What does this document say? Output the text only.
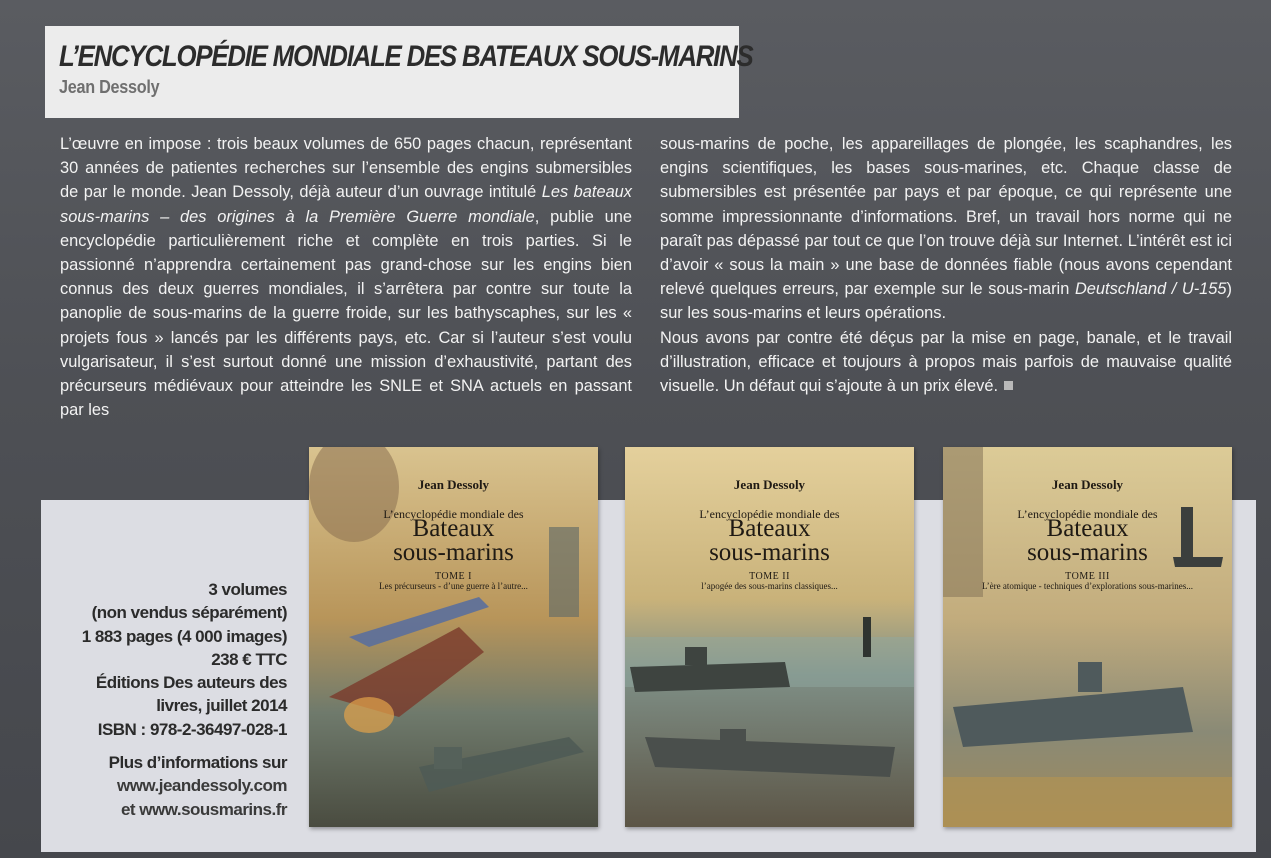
L’ENCYCLOPÉDIE MONDIALE DES BATEAUX SOUS-MARINS
Jean Dessoly

L’œuvre en impose : trois beaux volumes de 650 pages chacun, représentant 30 années de patientes recherches sur l’ensemble des engins submersibles de par le monde. Jean Dessoly, déjà auteur d’un ouvrage intitulé Les bateaux sous-marins – des origines à la Première Guerre mondiale, publie une encyclopédie particulièrement riche et complète en trois parties. Si le passionné n’apprendra certainement pas grand-chose sur les engins bien connus des deux guerres mondiales, il s’arrêtera par contre sur toute la panoplie de sous-marins de la guerre froide, sur les bathyscaphes, sur les « projets fous » lancés par les différents pays, etc. Car si l’auteur s’est voulu vulgarisateur, il s’est surtout donné une mission d’exhaustivité, partant des précurseurs médiévaux pour atteindre les SNLE et SNA actuels en passant par les

sous-marins de poche, les appareillages de plongée, les scaphandres, les engins scientifiques, les bases sous-marines, etc. Chaque classe de submersibles est présentée par pays et par époque, ce qui représente une somme impressionnante d’informations. Bref, un travail hors norme qui ne paraît pas dépassé par tout ce que l’on trouve déjà sur Internet. L’intérêt est ici d’avoir « sous la main » une base de données fiable (nous avons cependant relevé quelques erreurs, par exemple sur le sous-marin Deutschland / U-155) sur les sous-marins et leurs opérations.

Nous avons par contre été déçus par la mise en page, banale, et le travail d’illustration, efficace et toujours à propos mais parfois de mauvaise qualité visuelle. Un défaut qui s’ajoute à un prix élevé.

3 volumes
(non vendus séparément)
1 883 pages (4 000 images)
238 € TTC
Éditions Des auteurs des
livres, juillet 2014
ISBN : 978-2-36497-028-1
Plus d’informations sur
www.jeandessoly.com
et www.sousmarins.fr
Jean Dessoly
L’encyclopédie mondiale des
Bateaux
sous-marins
TOME I
Les précurseurs - d’une guerre à l’autre...
Jean Dessoly
L’encyclopédie mondiale des
Bateaux
sous-marins
TOME II
l’apogée des sous-marins classiques...
Jean Dessoly
L’encyclopédie mondiale des
Bateaux
sous-marins
TOME III
L’ère atomique - techniques d’explorations sous-marines...
